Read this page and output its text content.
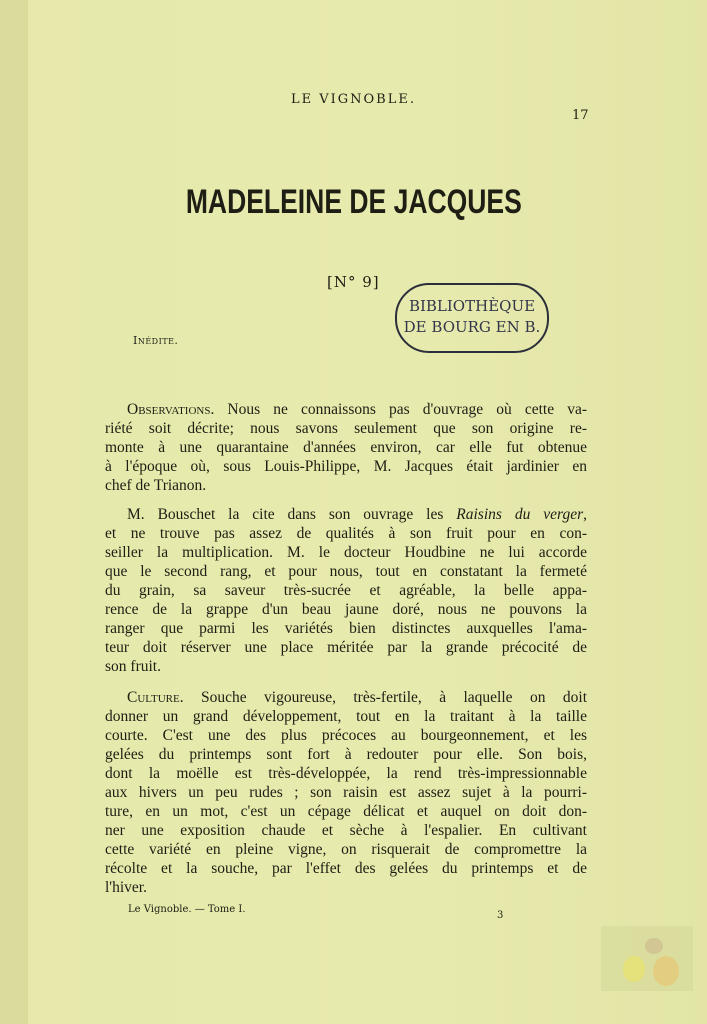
LE VIGNOBLE.
17
MADELEINE DE JACQUES
[N° 9]
BIBLIOTHÈQUE
DE BOURG EN B.
Inédite.
Observations. Nous ne connaissons pas d'ouvrage où cette va-
riété soit décrite; nous savons seulement que son origine re-
monte à une quarantaine d'années environ, car elle fut obtenue
à l'époque où, sous Louis-Philippe, M. Jacques était jardinier en
chef de Trianon.
M. Bouschet la cite dans son ouvrage les Raisins du verger,
et ne trouve pas assez de qualités à son fruit pour en con-
seiller la multiplication. M. le docteur Houdbine ne lui accorde
que le second rang, et pour nous, tout en constatant la fermeté
du grain, sa saveur très-sucrée et agréable, la belle appa-
rence de la grappe d'un beau jaune doré, nous ne pouvons la
ranger que parmi les variétés bien distinctes auxquelles l'ama-
teur doit réserver une place méritée par la grande précocité de
son fruit.
Culture. Souche vigoureuse, très-fertile, à laquelle on doit
donner un grand développement, tout en la traitant à la taille
courte. C'est une des plus précoces au bourgeonnement, et les
gelées du printemps sont fort à redouter pour elle. Son bois,
dont la moëlle est très-développée, la rend très-impressionnable
aux hivers un peu rudes ; son raisin est assez sujet à la pourri-
ture, en un mot, c'est un cépage délicat et auquel on doit don-
ner une exposition chaude et sèche à l'espalier. En cultivant
cette variété en pleine vigne, on risquerait de compromettre la
récolte et la souche, par l'effet des gelées du printemps et de
l'hiver.
Le Vignoble. — Tome I.
3
